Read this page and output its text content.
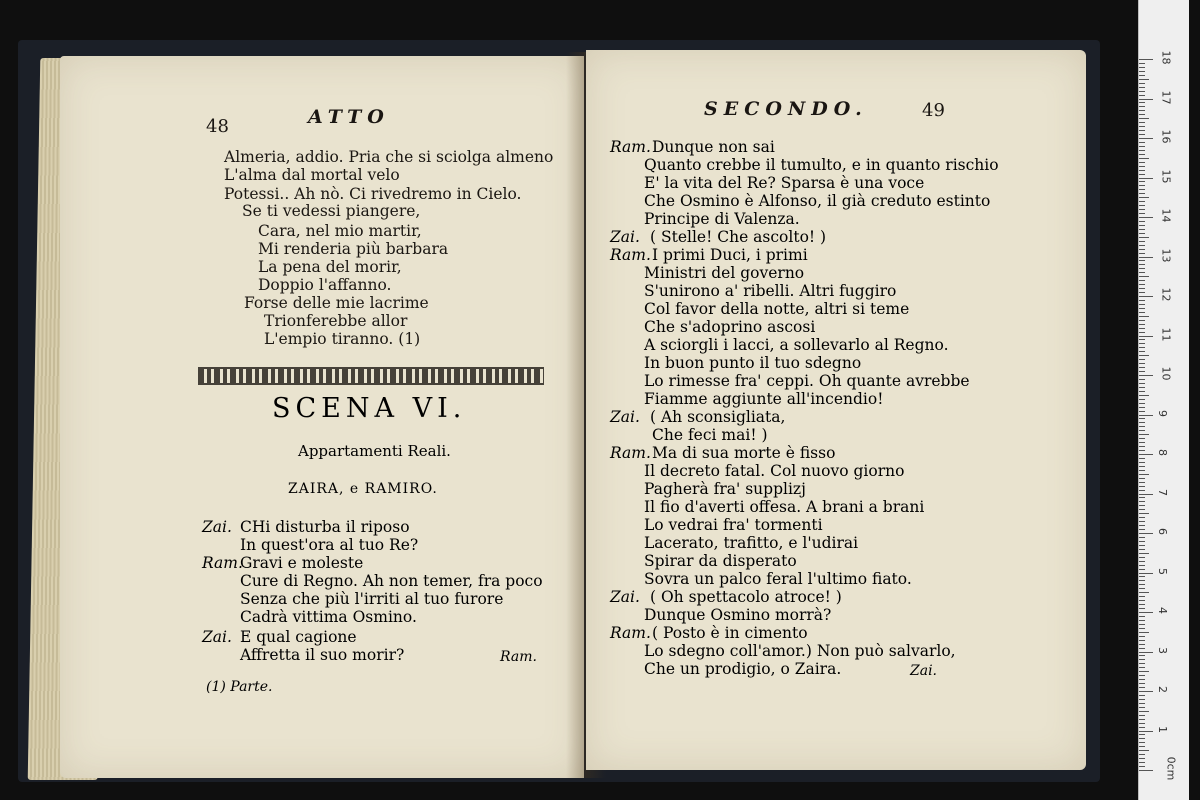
48	ATTO
Almeria, addio. Pria che si sciolga almeno
L'alma dal mortal velo
Potessi.. Ah nò. Ci rivedremo in Cielo.
Se ti vedessi piangere,
Cara, nel mio martir,
Mi renderia più barbara
La pena del morir,
Doppio l'affanno.
Forse delle mie lacrime
Trionferebbe allor
L'empio tiranno. (1)
SCENA VI.
Appartamenti Reali.
ZAIRA, e RAMIRO.
Zai. CHi disturba il riposo
In quest'ora al tuo Re?
Ram.
Gravi e moleste
Cure di Regno. Ah non temer, fra poco
Senza che più l'irriti al tuo furore
Cadrà vittima Osmino.
Zai. E qual cagione
Affretta il suo morir?	Ram.
(1) Parte.
SECONDO.	49
Ram. Dunque non sai
Quanto crebbe il tumulto, e in quanto rischio
E' la vita del Re? Sparsa è una voce
Che Osmino è Alfonso, il già creduto estinto
Principe di Valenza.
Zai. ( Stelle! Che ascolto! )
Ram. I primi Duci, i primi
Ministri del governo
S'unirono a' ribelli. Altri fuggiro
Col favor della notte, altri si teme
Che s'adoprino ascosi
A sciorgli i lacci, a sollevarlo al Regno.
In buon punto il tuo sdegno
Lo rimesse fra' ceppi. Oh quante avrebbe
Fiamme aggiunte all'incendio!
Zai. ( Ah sconsigliata,
Che feci mai! )
Ram. Ma di sua morte è fisso
Il decreto fatal. Col nuovo giorno
Pagherà fra' supplizj
Il fio d'averti offesa. A brani a brani
Lo vedrai fra' tormenti
Lacerato, trafitto, e l'udirai
Spirar da disperato
Sovra un palco feral l'ultimo fiato.
Zai. ( Oh spettacolo atroce! )
Dunque Osmino morrà?
Ram. ( Posto è in cimento
Lo sdegno coll'amor.) Non può salvarlo,
Che un prodigio, o Zaira.	Zai.
0cm
1
2
3
4
5
6
7
8
9
10
11
12
13
14
15
16
17
18
